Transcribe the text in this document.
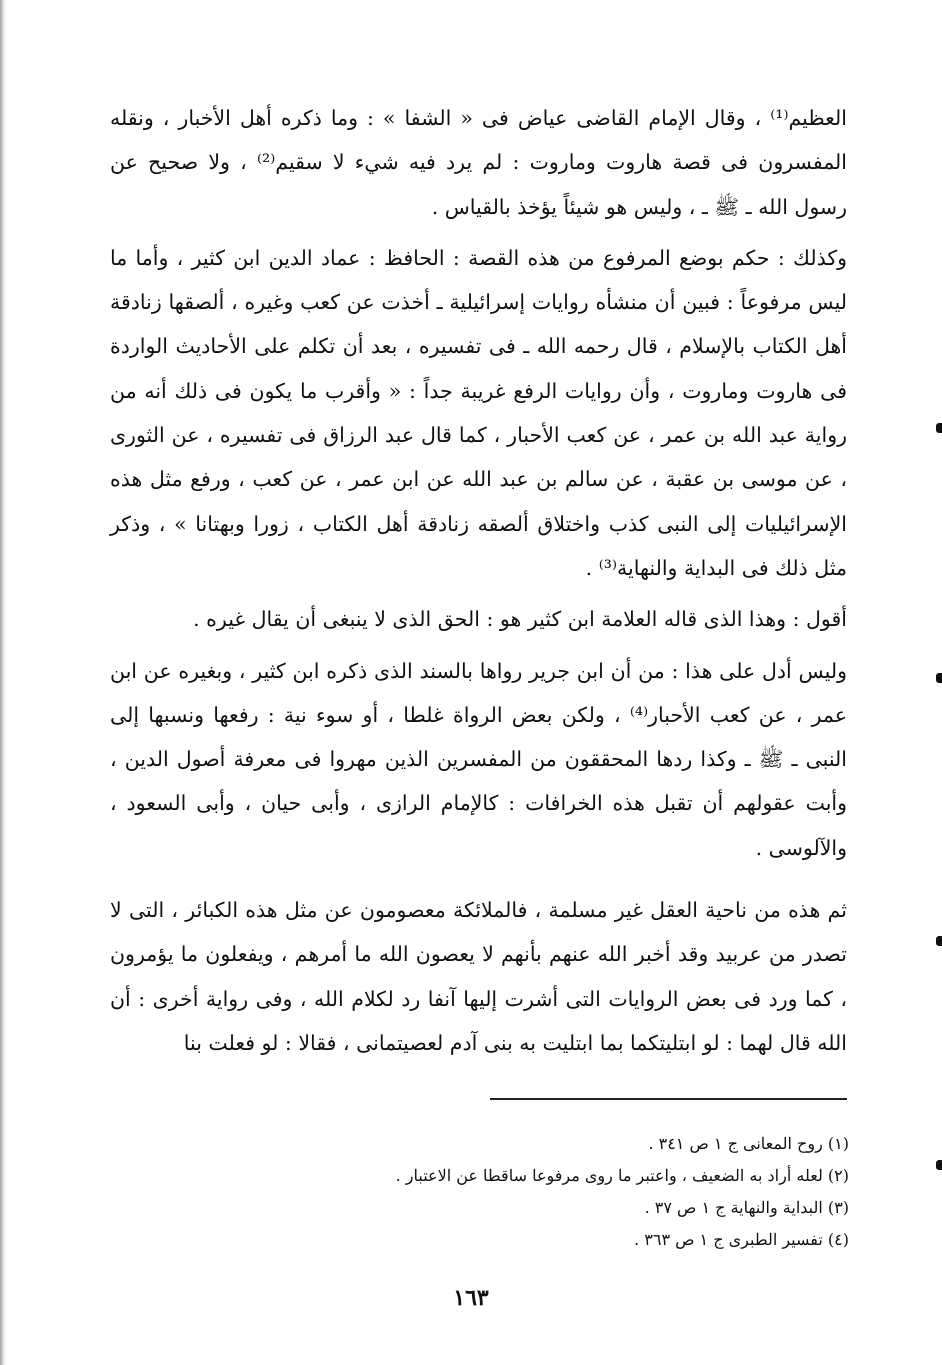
العظيم⁽¹⁾ ، وقال الإمام القاضى عياض فى « الشفا » : وما ذكره أهل الأخبار ، ونقله المفسرون فى قصة هاروت وماروت : لم يرد فيه شيء لا سقيم⁽²⁾ ، ولا صحيح عن رسول الله ـ ﷺ ـ ، وليس هو شيئاً يؤخذ بالقياس .

وكذلك : حكم بوضع المرفوع من هذه القصة : الحافظ : عماد الدين ابن كثير ، وأما ما ليس مرفوعاً : فبين أن منشأه روايات إسرائيلية ـ أخذت عن كعب وغيره ، ألصقها زنادقة أهل الكتاب بالإسلام ، قال رحمه الله ـ فى تفسيره ، بعد أن تكلم على الأحاديث الواردة فى هاروت وماروت ، وأن روايات الرفع غريبة جداً : « وأقرب ما يكون فى ذلك أنه من رواية عبد الله بن عمر ، عن كعب الأحبار ، كما قال عبد الرزاق فى تفسيره ، عن الثورى ، عن موسى بن عقبة ، عن سالم بن عبد الله عن ابن عمر ، عن كعب ، ورفع مثل هذه الإسرائيليات إلى النبى كذب واختلاق ألصقه زنادقة أهل الكتاب ، زورا وبهتانا » ، وذكر مثل ذلك فى البداية والنهاية⁽³⁾ .

أقول : وهذا الذى قاله العلامة ابن كثير هو : الحق الذى لا ينبغى أن يقال غيره .

وليس أدل على هذا : من أن ابن جرير رواها بالسند الذى ذكره ابن كثير ، وبغيره عن ابن عمر ، عن كعب الأحبار⁽⁴⁾ ، ولكن بعض الرواة غلطا ، أو سوء نية : رفعها ونسبها إلى النبى ـ ﷺ ـ وكذا ردها المحققون من المفسرين الذين مهروا فى معرفة أصول الدين ، وأبت عقولهم أن تقبل هذه الخرافات : كالإمام الرازى ، وأبى حيان ، وأبى السعود ، والآلوسى .

ثم هذه من ناحية العقل غير مسلمة ، فالملائكة معصومون عن مثل هذه الكبائر ، التى لا تصدر من عربيد وقد أخبر الله عنهم بأنهم لا يعصون الله ما أمرهم ، ويفعلون ما يؤمرون ، كما ورد فى بعض الروايات التى أشرت إليها آنفا رد لكلام الله ، وفى رواية أخرى : أن الله قال لهما : لو ابتليتكما بما ابتليت به بنى آدم لعصيتمانى ، فقالا : لو فعلت بنا

(١) روح المعانى ج ١ ص ٣٤١ .

(٢) لعله أراد به الضعيف ، واعتبر ما روى مرفوعا ساقطا عن الاعتبار .

(٣) البداية والنهاية ج ١ ص ٣٧ .

(٤) تفسير الطبرى ج ١ ص ٣٦٣ .

١٦٣
